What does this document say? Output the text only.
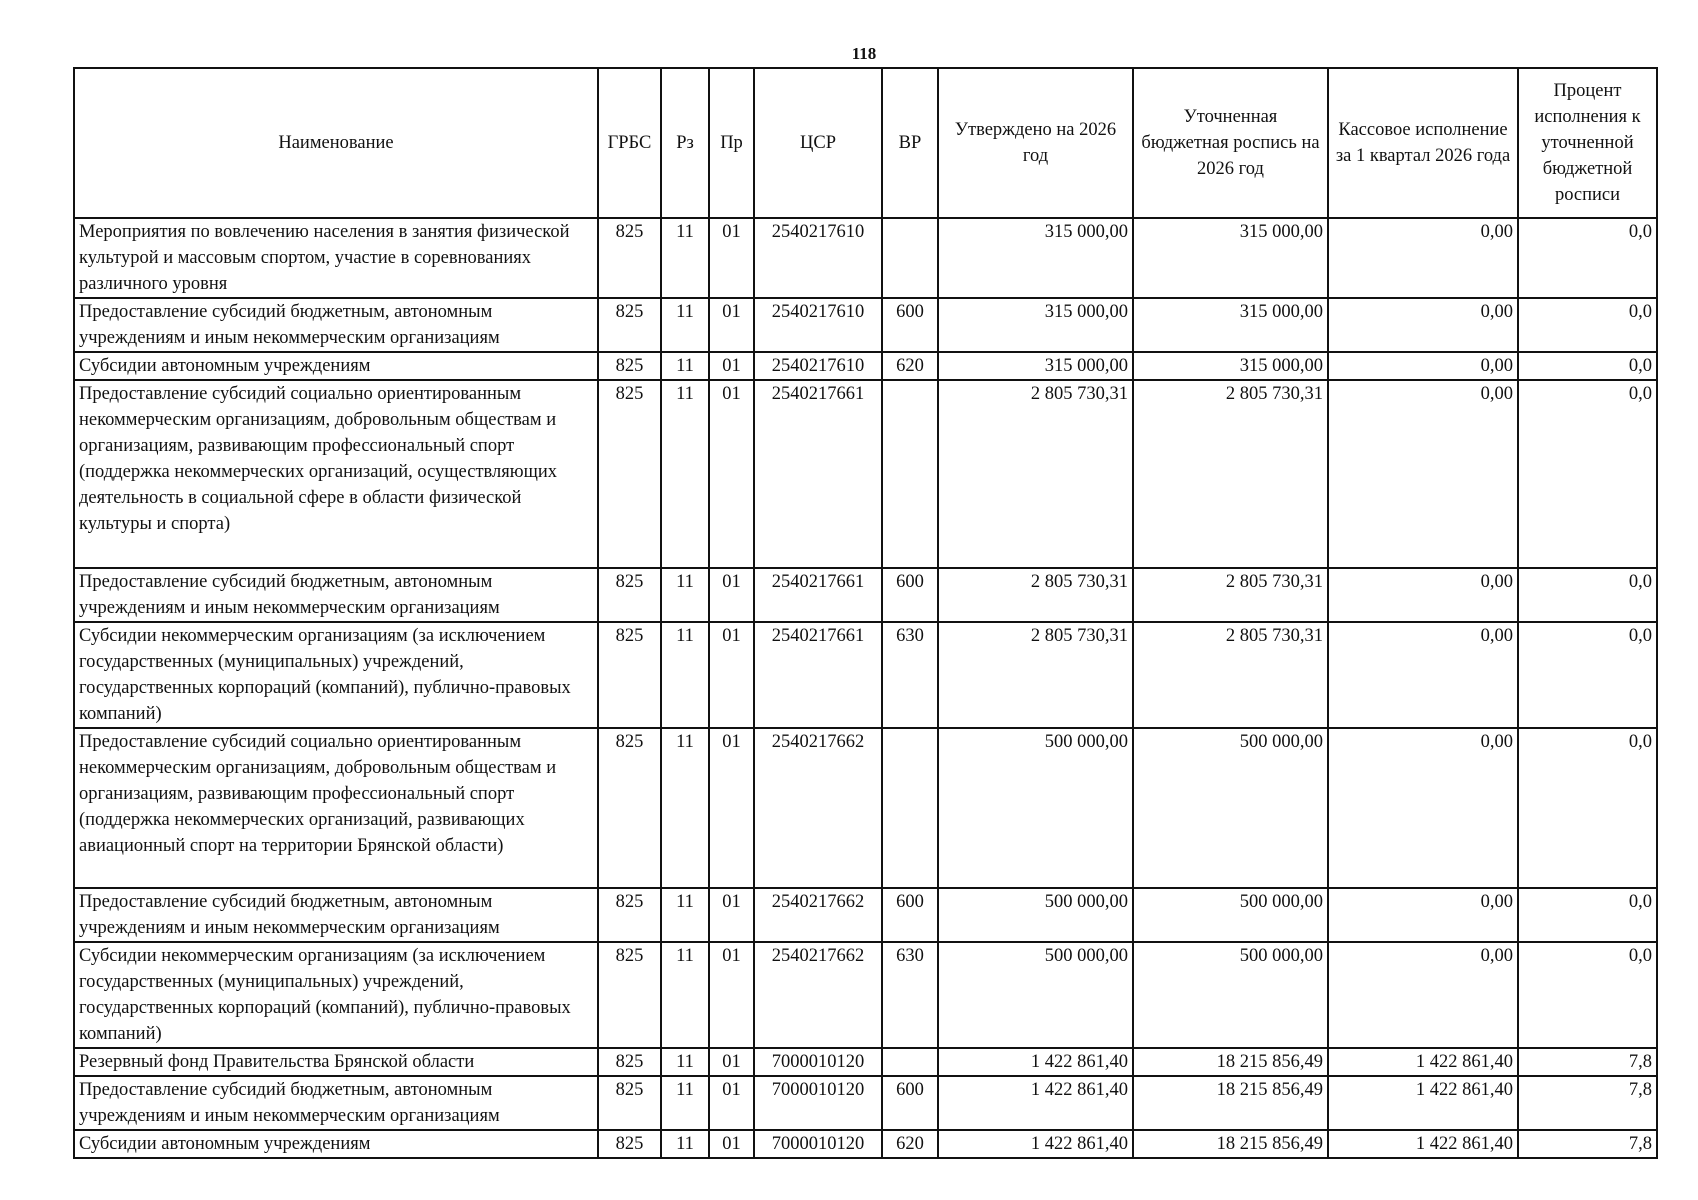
118
Наименование	ГРБС	Рз	Пр	ЦСР	ВР	Утверждено на 2026 год	Уточненная бюджетная роспись на 2026 год	Кассовое исполнение за 1 квартал 2026 года	Процент исполнения к уточненной бюджетной росписи
Мероприятия по вовлечению населения в занятия физической культурой и массовым спортом, участие в соревнованиях различного уровня	825	11	01	2540217610		315 000,00	315 000,00	0,00	0,0
Предоставление субсидий бюджетным, автономным учреждениям и иным некоммерческим организациям	825	11	01	2540217610	600	315 000,00	315 000,00	0,00	0,0
Субсидии автономным учреждениям	825	11	01	2540217610	620	315 000,00	315 000,00	0,00	0,0
Предоставление субсидий социально ориентированным некоммерческим организациям, добровольным обществам и организациям, развивающим профессиональный спорт (поддержка некоммерческих организаций, осуществляющих деятельность в социальной сфере в области физической культуры и спорта)	825	11	01	2540217661		2 805 730,31	2 805 730,31	0,00	0,0
Предоставление субсидий бюджетным, автономным учреждениям и иным некоммерческим организациям	825	11	01	2540217661	600	2 805 730,31	2 805 730,31	0,00	0,0
Субсидии некоммерческим организациям (за исключением государственных (муниципальных) учреждений, государственных корпораций (компаний), публично-правовых компаний)	825	11	01	2540217661	630	2 805 730,31	2 805 730,31	0,00	0,0
Предоставление субсидий социально ориентированным некоммерческим организациям, добровольным обществам и организациям, развивающим профессиональный спорт (поддержка некоммерческих организаций, развивающих авиационный спорт на территории Брянской области)	825	11	01	2540217662		500 000,00	500 000,00	0,00	0,0
Предоставление субсидий бюджетным, автономным учреждениям и иным некоммерческим организациям	825	11	01	2540217662	600	500 000,00	500 000,00	0,00	0,0
Субсидии некоммерческим организациям (за исключением государственных (муниципальных) учреждений, государственных корпораций (компаний), публично-правовых компаний)	825	11	01	2540217662	630	500 000,00	500 000,00	0,00	0,0
Резервный фонд Правительства Брянской области	825	11	01	7000010120		1 422 861,40	18 215 856,49	1 422 861,40	7,8
Предоставление субсидий бюджетным, автономным учреждениям и иным некоммерческим организациям	825	11	01	7000010120	600	1 422 861,40	18 215 856,49	1 422 861,40	7,8
Субсидии автономным учреждениям	825	11	01	7000010120	620	1 422 861,40	18 215 856,49	1 422 861,40	7,8
